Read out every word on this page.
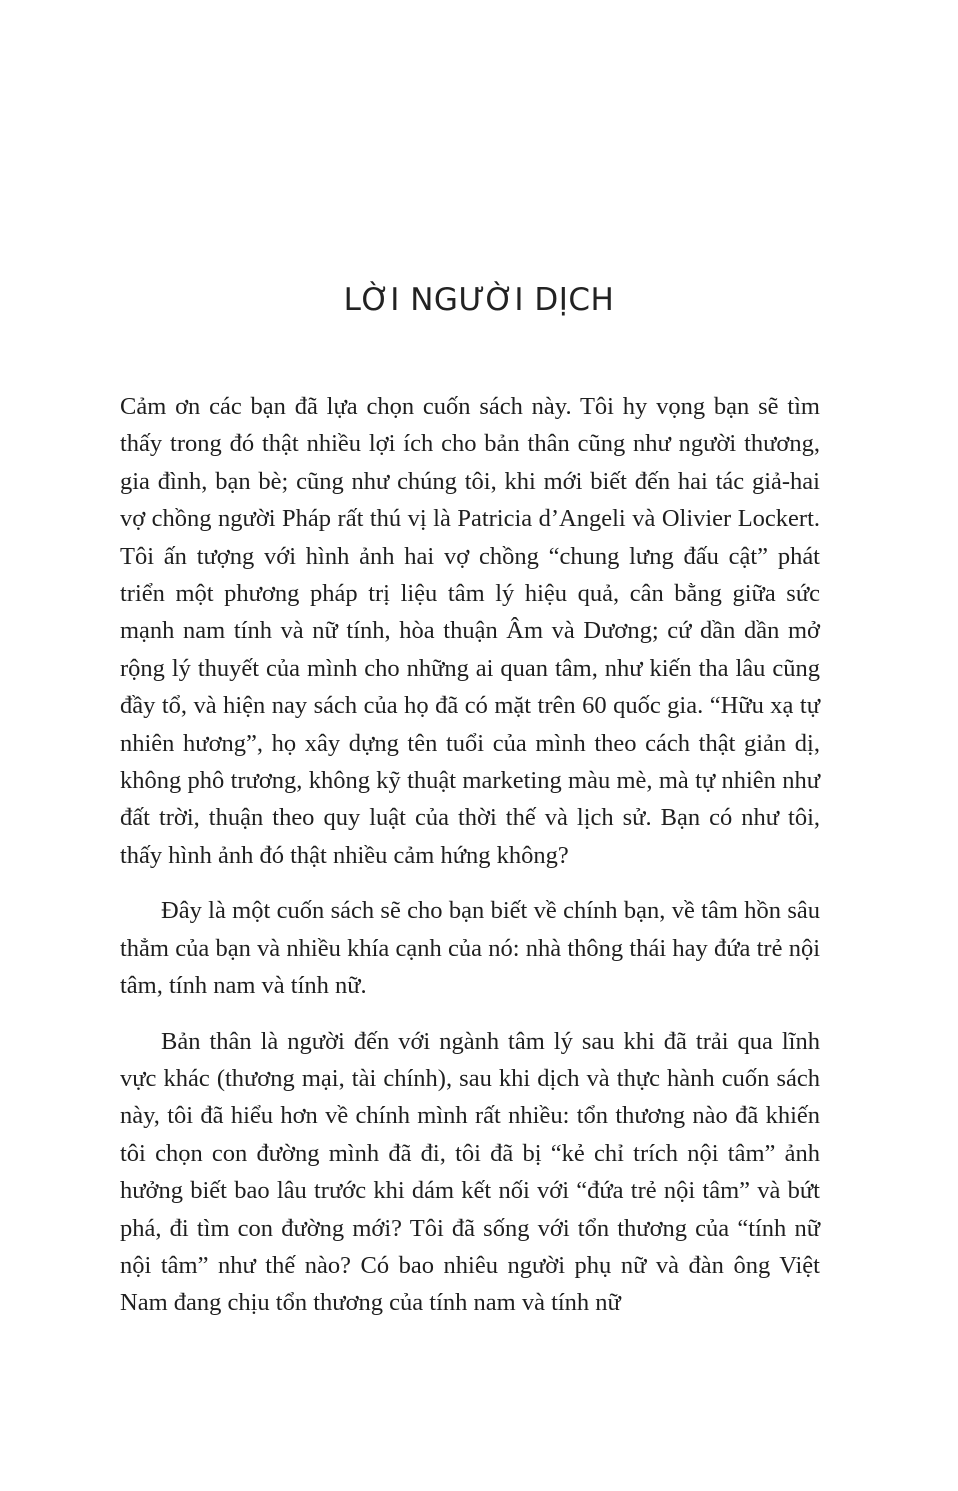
LỜI NGƯỜI DỊCH

Cảm ơn các bạn đã lựa chọn cuốn sách này. Tôi hy vọng bạn sẽ tìm thấy trong đó thật nhiều lợi ích cho bản thân cũng như người thương, gia đình, bạn bè; cũng như chúng tôi, khi mới biết đến hai tác giả-hai vợ chồng người Pháp rất thú vị là Patricia d’Angeli và Olivier Lockert. Tôi ấn tượng với hình ảnh hai vợ chồng “chung lưng đấu cật” phát triển một phương pháp trị liệu tâm lý hiệu quả, cân bằng giữa sức mạnh nam tính và nữ tính, hòa thuận Âm và Dương; cứ dần dần mở rộng lý thuyết của mình cho những ai quan tâm, như kiến tha lâu cũng đầy tổ, và hiện nay sách của họ đã có mặt trên 60 quốc gia. “Hữu xạ tự nhiên hương”, họ xây dựng tên tuổi của mình theo cách thật giản dị, không phô trương, không kỹ thuật marketing màu mè, mà tự nhiên như đất trời, thuận theo quy luật của thời thế và lịch sử. Bạn có như tôi, thấy hình ảnh đó thật nhiều cảm hứng không?

Đây là một cuốn sách sẽ cho bạn biết về chính bạn, về tâm hồn sâu thẳm của bạn và nhiều khía cạnh của nó: nhà thông thái hay đứa trẻ nội tâm, tính nam và tính nữ.

Bản thân là người đến với ngành tâm lý sau khi đã trải qua lĩnh vực khác (thương mại, tài chính), sau khi dịch và thực hành cuốn sách này, tôi đã hiểu hơn về chính mình rất nhiều: tổn thương nào đã khiến tôi chọn con đường mình đã đi, tôi đã bị “kẻ chỉ trích nội tâm” ảnh hưởng biết bao lâu trước khi dám kết nối với “đứa trẻ nội tâm” và bứt phá, đi tìm con đường mới? Tôi đã sống với tổn thương của “tính nữ nội tâm” như thế nào? Có bao nhiêu người phụ nữ và đàn ông Việt Nam đang chịu tổn thương của tính nam và tính nữ
